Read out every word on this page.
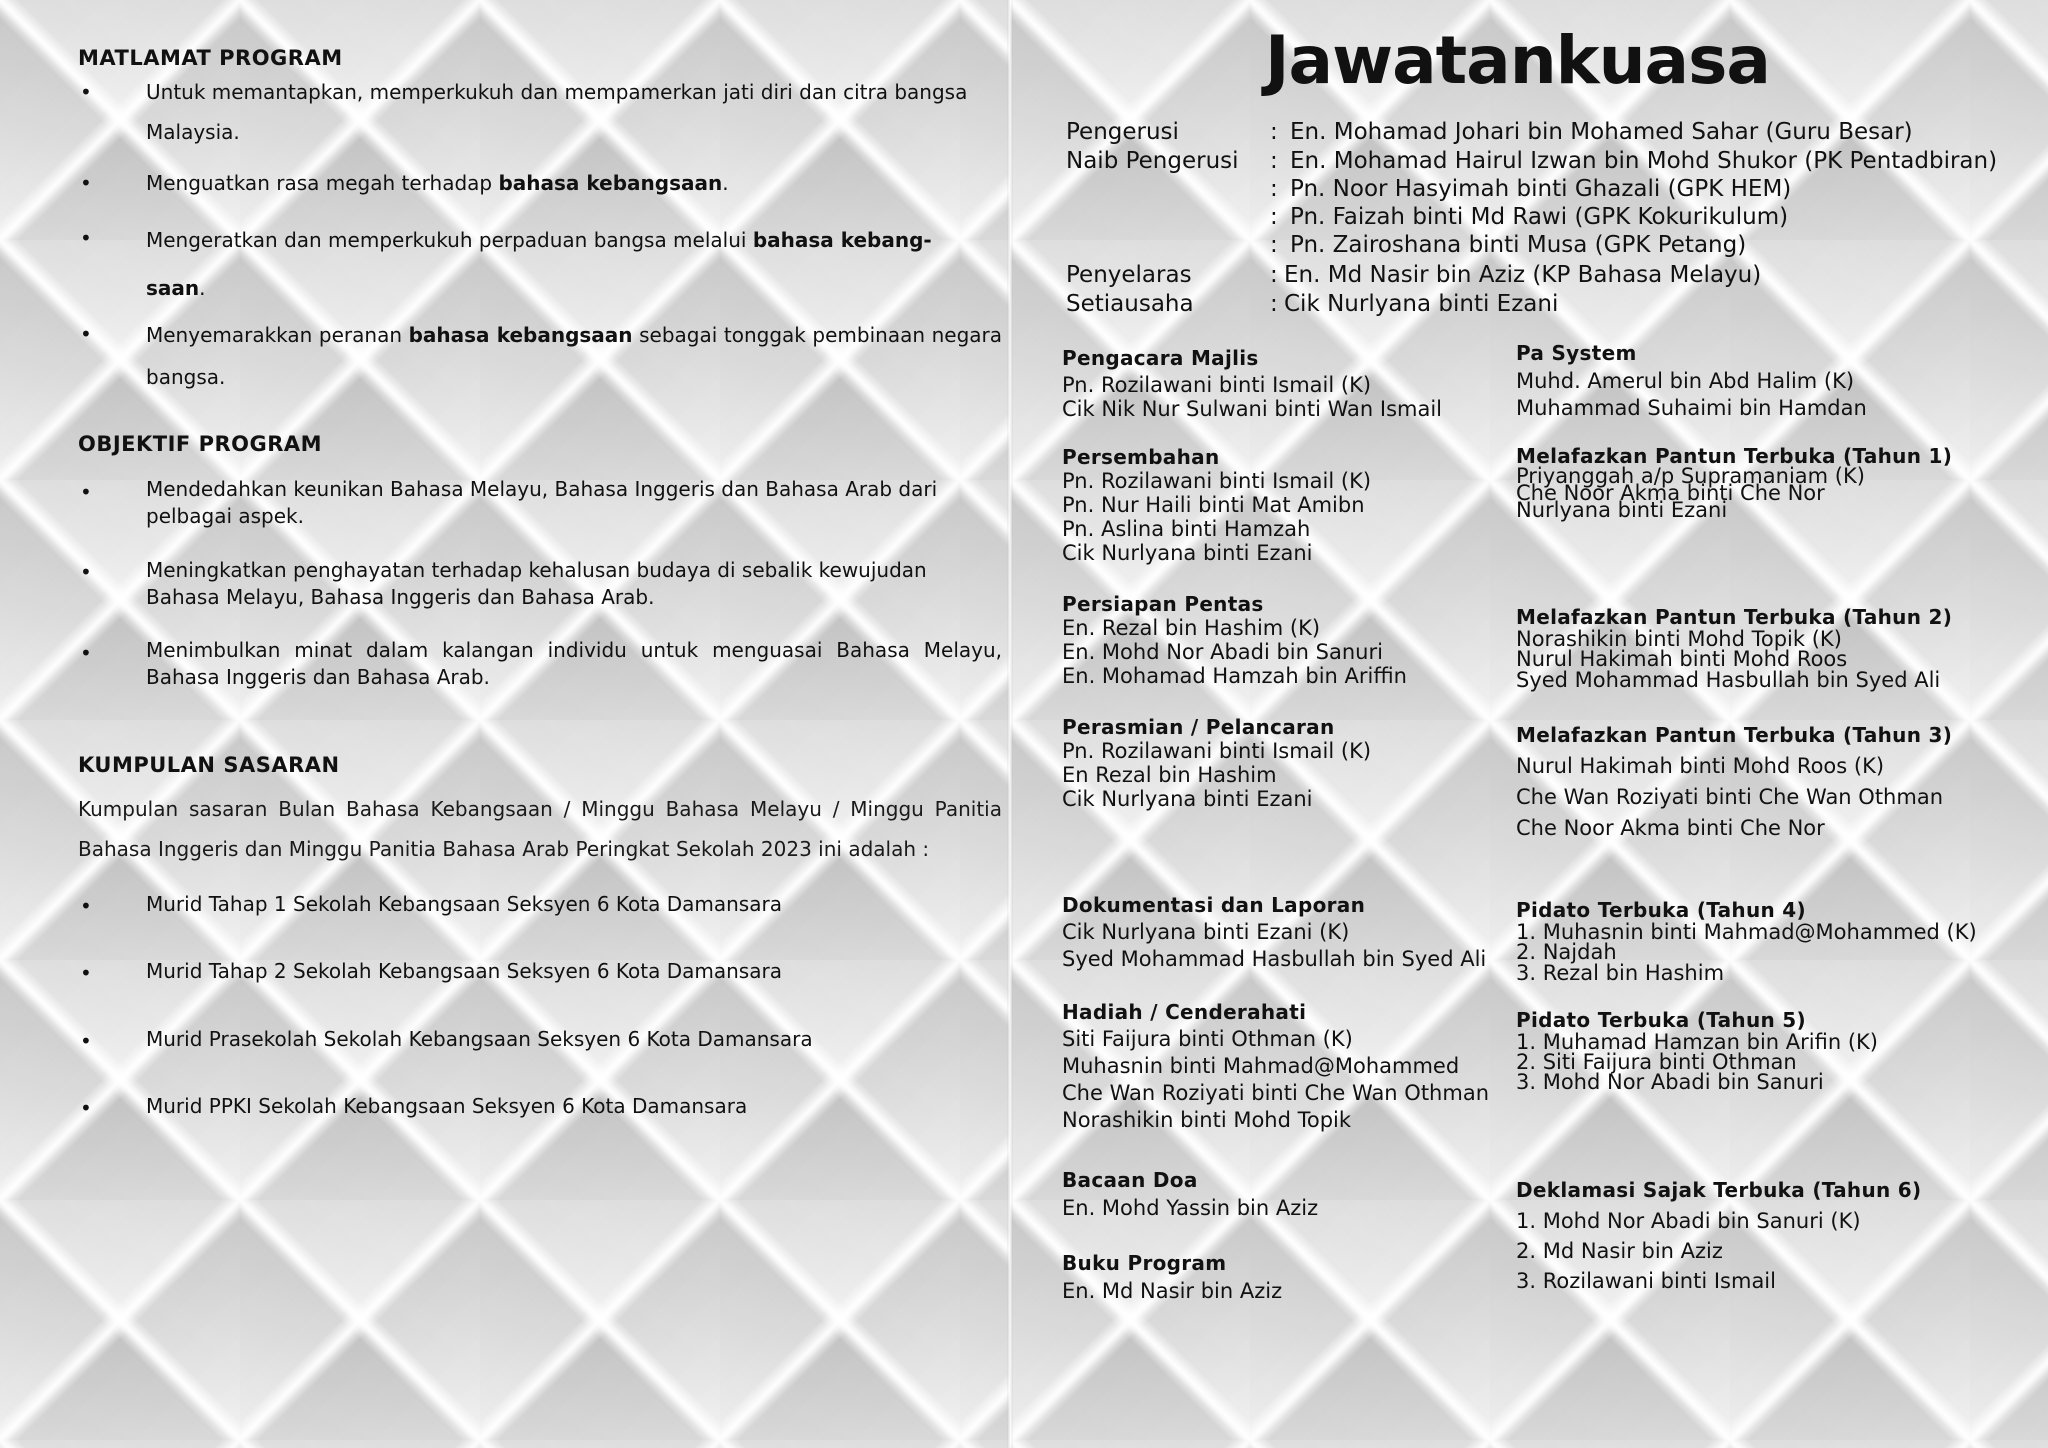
MATLAMAT PROGRAM
•	Untuk memantapkan, memperkukuh dan mempamerkan jati diri dan citra bangsa Malaysia.
•	Menguatkan rasa megah terhadap bahasa kebangsaan.
•	Mengeratkan dan memperkukuh perpaduan bangsa melalui bahasa kebang-saan.
•	Menyemarakkan peranan bahasa kebangsaan sebagai tonggak pembinaan negara bangsa.
OBJEKTIF PROGRAM
•	Mendedahkan keunikan Bahasa Melayu, Bahasa Inggeris dan Bahasa Arab dari pelbagai aspek.
•	Meningkatkan penghayatan terhadap kehalusan budaya di sebalik kewujudan Bahasa Melayu, Bahasa Inggeris dan Bahasa Arab.
•	Menimbulkan minat dalam kalangan individu untuk menguasai Bahasa Melayu, Bahasa Inggeris dan Bahasa Arab.
KUMPULAN SASARAN
Kumpulan sasaran Bulan Bahasa Kebangsaan / Minggu Bahasa Melayu / Minggu Panitia Bahasa Inggeris dan Minggu Panitia Bahasa Arab Peringkat Sekolah 2023 ini adalah :
•	Murid Tahap 1 Sekolah Kebangsaan Seksyen 6 Kota Damansara
•	Murid Tahap 2 Sekolah Kebangsaan Seksyen 6 Kota Damansara
•	Murid Prasekolah Sekolah Kebangsaan Seksyen 6 Kota Damansara
•	Murid PPKI Sekolah Kebangsaan Seksyen 6 Kota Damansara
Jawatankuasa
Pengerusi	: En. Mohamad Johari bin Mohamed Sahar (Guru Besar)
Naib Pengerusi : En. Mohamad Hairul Izwan bin Mohd Shukor (PK Pentadbiran)
: Pn. Noor Hasyimah binti Ghazali (GPK HEM)
: Pn. Faizah binti Md Rawi (GPK Kokurikulum)
: Pn. Zairoshana binti Musa (GPK Petang)
Penyelaras	: En. Md Nasir bin Aziz (KP Bahasa Melayu)
Setiausaha	: Cik Nurlyana binti Ezani
Pengacara Majlis
Pn. Rozilawani binti Ismail (K)
Cik Nik Nur Sulwani binti Wan Ismail
Persembahan
Pn. Rozilawani binti Ismail (K)
Pn. Nur Haili binti Mat Amibn
Pn. Aslina binti Hamzah
Cik Nurlyana binti Ezani
Persiapan Pentas
En. Rezal bin Hashim (K)
En. Mohd Nor Abadi bin Sanuri
En. Mohamad Hamzah bin Ariffin
Perasmian / Pelancaran
Pn. Rozilawani binti Ismail (K)
En Rezal bin Hashim
Cik Nurlyana binti Ezani
Dokumentasi dan Laporan
Cik Nurlyana binti Ezani (K)
Syed Mohammad Hasbullah bin Syed Ali
Hadiah / Cenderahati
Siti Faijura binti Othman (K)
Muhasnin binti Mahmad@Mohammed
Che Wan Roziyati binti Che Wan Othman
Norashikin binti Mohd Topik
Bacaan Doa
En. Mohd Yassin bin Aziz
Buku Program
En. Md Nasir bin Aziz
Pa System
Muhd. Amerul bin Abd Halim (K)
Muhammad Suhaimi bin Hamdan
Melafazkan Pantun Terbuka (Tahun 1)
Priyanggah a/p Supramaniam (K)
Che Noor Akma binti Che Nor
Nurlyana binti Ezani
Melafazkan Pantun Terbuka (Tahun 2)
Norashikin binti Mohd Topik (K)
Nurul Hakimah binti Mohd Roos
Syed Mohammad Hasbullah bin Syed Ali
Melafazkan Pantun Terbuka (Tahun 3)
Nurul Hakimah binti Mohd Roos (K)
Che Wan Roziyati binti Che Wan Othman
Che Noor Akma binti Che Nor
Pidato Terbuka (Tahun 4)
1. Muhasnin binti Mahmad@Mohammed (K)
2. Najdah
3. Rezal bin Hashim
Pidato Terbuka (Tahun 5)
1. Muhamad Hamzan bin Arifin (K)
2. Siti Faijura binti Othman
3. Mohd Nor Abadi bin Sanuri
Deklamasi Sajak Terbuka (Tahun 6)
1. Mohd Nor Abadi bin Sanuri (K)
2. Md Nasir bin Aziz
3. Rozilawani binti Ismail
